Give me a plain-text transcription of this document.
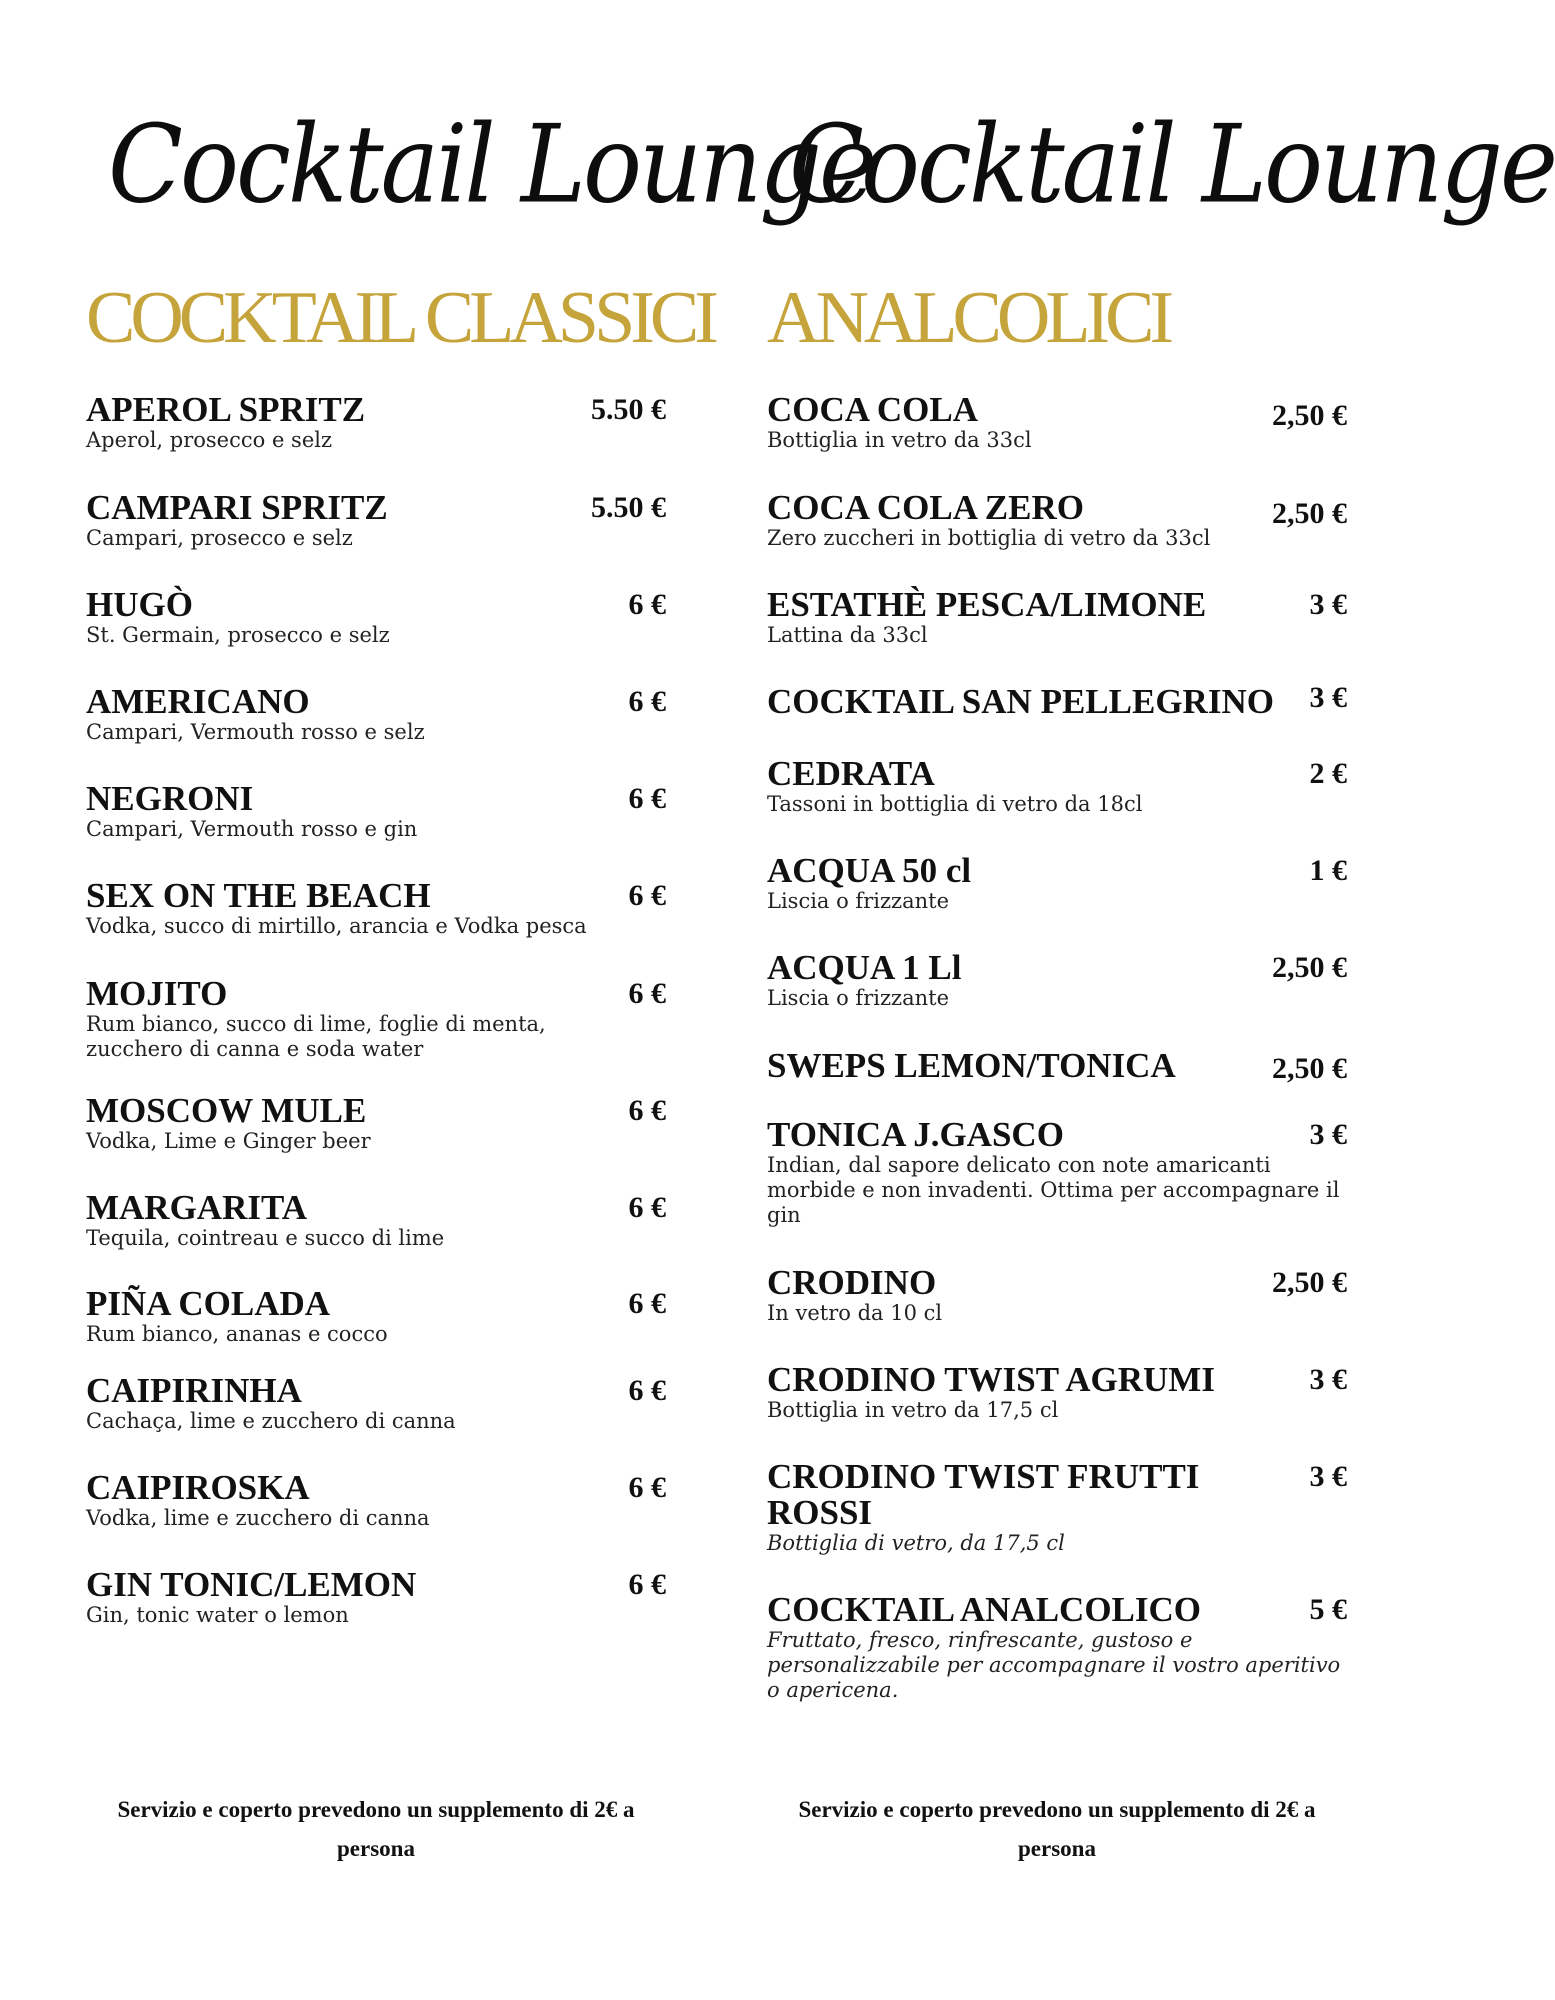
Cocktail Lounge
COCKTAIL CLASSICI
APEROL SPRITZ
Aperol, prosecco e selz
5.50 €
CAMPARI SPRITZ
Campari, prosecco e selz
5.50 €
HUGÒ
St. Germain, prosecco e selz
6 €
AMERICANO
Campari, Vermouth rosso e selz
6 €
NEGRONI
Campari, Vermouth rosso e gin
6 €
SEX ON THE BEACH
Vodka, succo di mirtillo, arancia e Vodka pesca
6 €
MOJITO
Rum bianco, succo di lime, foglie di menta, zucchero di canna e soda water
6 €
MOSCOW MULE
Vodka, Lime e Ginger beer
6 €
MARGARITA
Tequila, cointreau e succo di lime
6 €
PIÑA COLADA
Rum bianco, ananas e cocco
6 €
CAIPIRINHA
Cachaça, lime e zucchero di canna
6 €
CAIPIROSKA
Vodka, lime e zucchero di canna
6 €
GIN TONIC/LEMON
Gin, tonic water o lemon
6 €
Servizio e coperto prevedono un supplemento di 2€ a persona
Cocktail Lounge
ANALCOLICI
COCA COLA
Bottiglia in vetro da 33cl
2,50 €
COCA COLA ZERO
Zero zuccheri in bottiglia di vetro da 33cl
2,50 €
ESTATHÈ PESCA/LIMONE
Lattina da 33cl
3 €
COCKTAIL SAN PELLEGRINO	3 €
CEDRATA
Tassoni in bottiglia di vetro da 18cl
2 €
ACQUA 50 cl
Liscia o frizzante
1 €
ACQUA 1 Ll
Liscia o frizzante
2,50 €
SWEPS LEMON/TONICA	2,50 €
TONICA J.GASCO
Indian, dal sapore delicato con note amaricanti morbide e non invadenti. Ottima per accompagnare il gin
3 €
CRODINO
In vetro da 10 cl
2,50 €
CRODINO TWIST AGRUMI
Bottiglia in vetro da 17,5 cl
3 €
CRODINO TWIST FRUTTI ROSSI
Bottiglia di vetro, da 17,5 cl
3 €
COCKTAIL ANALCOLICO
Fruttato, fresco, rinfrescante, gustoso e personalizzabile per accompagnare il vostro aperitivo o apericena.
5 €
Servizio e coperto prevedono un supplemento di 2€ a persona
